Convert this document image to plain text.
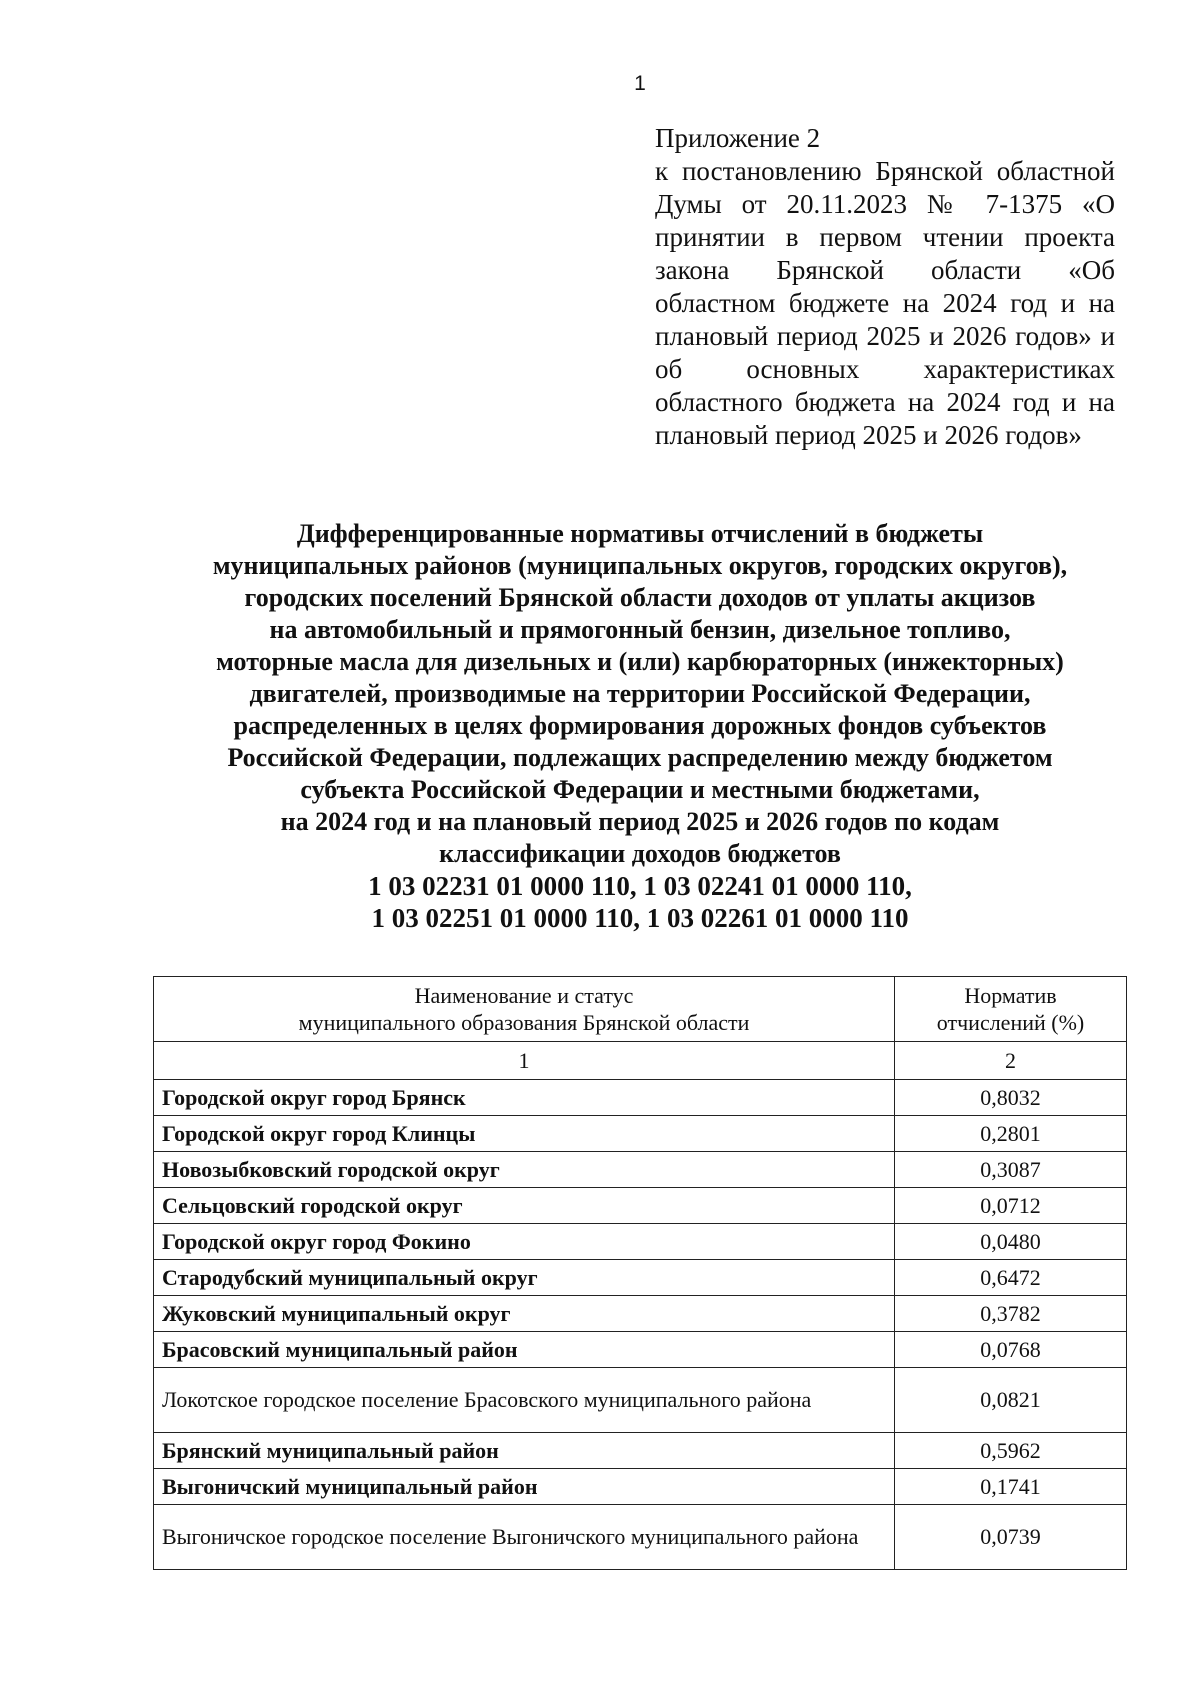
1
Приложение 2
к постановлению Брянской областной Думы от 20.11.2023 № 7-1375 «О принятии в первом чтении проекта закона Брянской области «Об областном бюджете на 2024 год и на плановый период 2025 и 2026 годов» и об основных характеристиках областного бюджета на 2024 год и на плановый период 2025 и 2026 годов»
Дифференцированные нормативы отчислений в бюджеты
муниципальных районов (муниципальных округов, городских округов),
городских поселений Брянской области доходов от уплаты акцизов
на автомобильный и прямогонный бензин, дизельное топливо,
моторные масла для дизельных и (или) карбюраторных (инжекторных)
двигателей, производимые на территории Российской Федерации,
распределенных в целях формирования дорожных фондов субъектов
Российской Федерации, подлежащих распределению между бюджетом
субъекта Российской Федерации и местными бюджетами,
на 2024 год и на плановый период 2025 и 2026 годов по кодам
классификации доходов бюджетов
1 03 02231 01 0000 110, 1 03 02241 01 0000 110,
1 03 02251 01 0000 110, 1 03 02261 01 0000 110
Наименование и статус
муниципального образования Брянской области	Норматив
отчислений (%)
1	2
Городской округ город Брянск	0,8032
Городской округ город Клинцы	0,2801
Новозыбковский городской округ	0,3087
Сельцовский городской округ	0,0712
Городской округ город Фокино	0,0480
Стародубский муниципальный округ	0,6472
Жуковский муниципальный округ	0,3782
Брасовский муниципальный район	0,0768
Локотское городское поселение Брасовского муниципального района	0,0821
Брянский муниципальный район	0,5962
Выгоничский муниципальный район	0,1741
Выгоничское городское поселение Выгоничского муниципального района	0,0739
